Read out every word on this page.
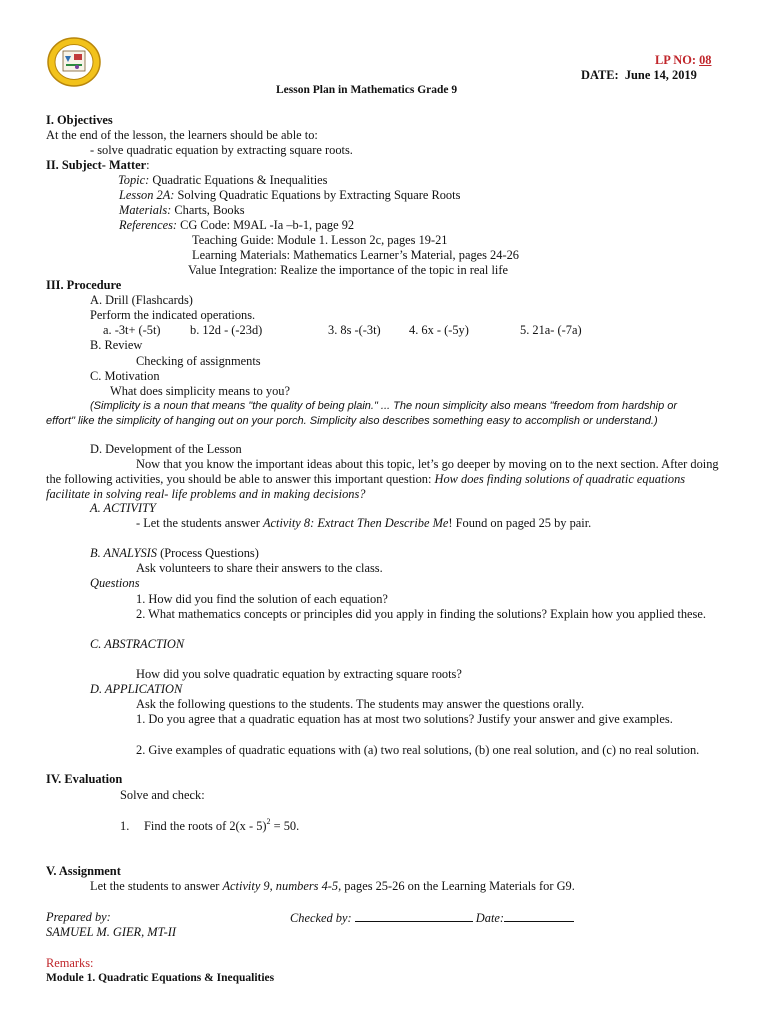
LP NO: 08
DATE: June 14, 2019
Lesson Plan in Mathematics Grade 9
I. Objectives
At the end of the lesson, the learners should be able to:
- solve quadratic equation by extracting square roots.
II. Subject- Matter:
Topic: Quadratic Equations & Inequalities
Lesson 2A: Solving Quadratic Equations by Extracting Square Roots
Materials: Charts, Books
References: CG Code: M9AL -Ia –b-1, page 92
Teaching Guide: Module 1. Lesson 2c, pages 19-21
Learning Materials: Mathematics Learner’s Material, pages 24-26
Value Integration: Realize the importance of the topic in real life
III. Procedure
A. Drill (Flashcards)
Perform the indicated operations.
a. -3t+ (-5t) b. 12d - (-23d)	3. 8s -(-3t) 4. 6x - (-5y)	5. 21a- (-7a)
B. Review
Checking of assignments
C. Motivation
What does simplicity means to you?
(Simplicity is a noun that means "the quality of being plain." ... The noun simplicity also means "freedom from hardship or effort" like the simplicity of hanging out on your porch. Simplicity also describes something easy to accomplish or understand.)
D. Development of the Lesson
Now that you know the important ideas about this topic, let’s go deeper by moving on to the next section. After doing the following activities, you should be able to answer this important question: How does finding solutions of quadratic equations facilitate in solving real- life problems and in making decisions?
A. ACTIVITY
- Let the students answer Activity 8: Extract Then Describe Me! Found on paged 25 by pair.
B. ANALYSIS (Process Questions)
Ask volunteers to share their answers to the class.
Questions
1. How did you find the solution of each equation?
2. What mathematics concepts or principles did you apply in finding the solutions? Explain how you applied these.
C. ABSTRACTION
How did you solve quadratic equation by extracting square roots?
D. APPLICATION
Ask the following questions to the students. The students may answer the questions orally.
1. Do you agree that a quadratic equation has at most two solutions? Justify your answer and give examples.
2. Give examples of quadratic equations with (a) two real solutions, (b) one real solution, and (c) no real solution.
IV. Evaluation
Solve and check:
1. Find the roots of 2(x - 5)$^2$ = 50.
V. Assignment
Let the students to answer Activity 9, numbers 4-5, pages 25-26 on the Learning Materials for G9.
Prepared by:
SAMUEL M. GIER, MT-II
Checked by:	Date:
Remarks:
Module 1. Quadratic Equations & Inequalities
